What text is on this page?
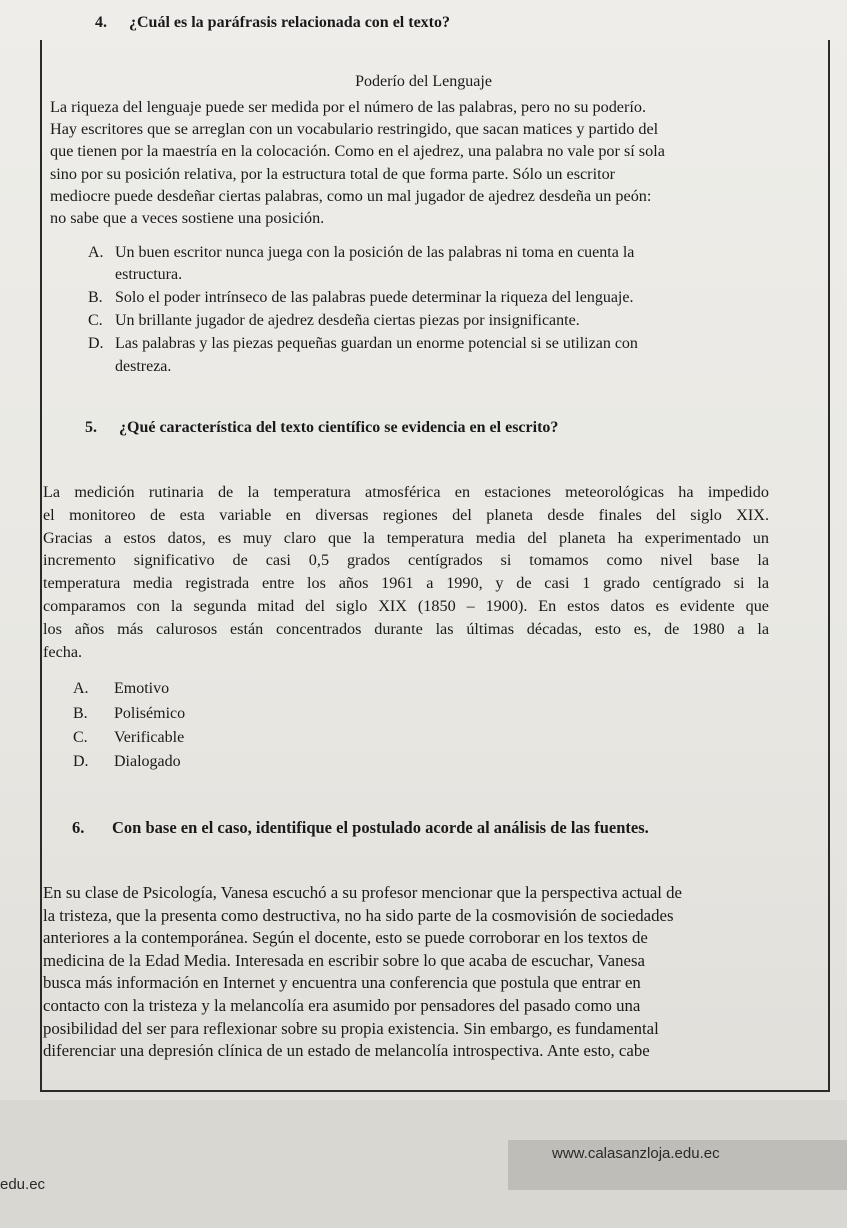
4. ¿Cuál es la paráfrasis relacionada con el texto?
Poderío del Lenguaje
La riqueza del lenguaje puede ser medida por el número de las palabras, pero no su poderío.
Hay escritores que se arreglan con un vocabulario restringido, que sacan matices y partido del
que tienen por la maestría en la colocación. Como en el ajedrez, una palabra no vale por sí sola
sino por su posición relativa, por la estructura total de que forma parte. Sólo un escritor
mediocre puede desdeñar ciertas palabras, como un mal jugador de ajedrez desdeña un peón:
no sabe que a veces sostiene una posición.
A. Un buen escritor nunca juega con la posición de las palabras ni toma en cuenta la
estructura.
B. Solo el poder intrínseco de las palabras puede determinar la riqueza del lenguaje.
C. Un brillante jugador de ajedrez desdeña ciertas piezas por insignificante.
D. Las palabras y las piezas pequeñas guardan un enorme potencial si se utilizan con
destreza.
5. ¿Qué característica del texto científico se evidencia en el escrito?
La medición rutinaria de la temperatura atmosférica en estaciones meteorológicas ha impedido
el monitoreo de esta variable en diversas regiones del planeta desde finales del siglo XIX.
Gracias a estos datos, es muy claro que la temperatura media del planeta ha experimentado un
incremento significativo de casi 0,5 grados centígrados si tomamos como nivel base la
temperatura media registrada entre los años 1961 a 1990, y de casi 1 grado centígrado si la
comparamos con la segunda mitad del siglo XIX (1850 – 1900). En estos datos es evidente que
los años más calurosos están concentrados durante las últimas décadas, esto es, de 1980 a la
fecha.
A. Emotivo
B. Polisémico
C. Verificable
D. Dialogado
6. Con base en el caso, identifique el postulado acorde al análisis de las fuentes.
En su clase de Psicología, Vanesa escuchó a su profesor mencionar que la perspectiva actual de
la tristeza, que la presenta como destructiva, no ha sido parte de la cosmovisión de sociedades
anteriores a la contemporánea. Según el docente, esto se puede corroborar en los textos de
medicina de la Edad Media. Interesada en escribir sobre lo que acaba de escuchar, Vanesa
busca más información en Internet y encuentra una conferencia que postula que entrar en
contacto con la tristeza y la melancolía era asumido por pensadores del pasado como una
posibilidad del ser para reflexionar sobre su propia existencia. Sin embargo, es fundamental
diferenciar una depresión clínica de un estado de melancolía introspectiva. Ante esto, cabe
www.calasanzloja.edu.ec
edu.ec
